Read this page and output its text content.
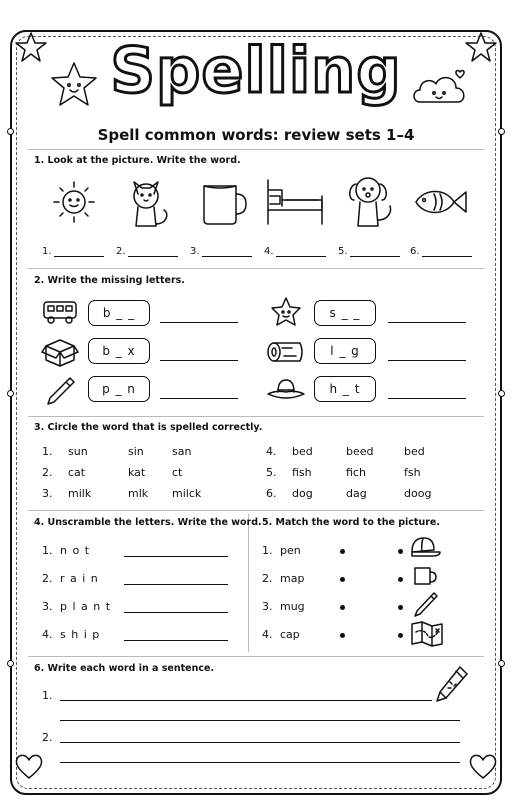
Spelling
Spell common words: review sets 1–4
1. Look at the picture. Write the word.
1.	2.	3.	4.	5.	6.
2. Write the missing letters.
b _ _
b _ x
p _ n
s _ _
l _ g
h _ t
3. Circle the word that is spelled correctly.
1. sun	sin	san
2. cat	kat ct
3. milk	mlk milck
4. bed	beed	bed
5. fish	fich	fsh
6. dog	dag	doog
4. Unscramble the letters. Write the word.
1. n o t
2. r a i n
3. p l a n t
4. s h i p
5. Match the word to the picture.
1. pen
2. map
3. mug
4. cap
6. Write each word in a sentence.
1.
2.
